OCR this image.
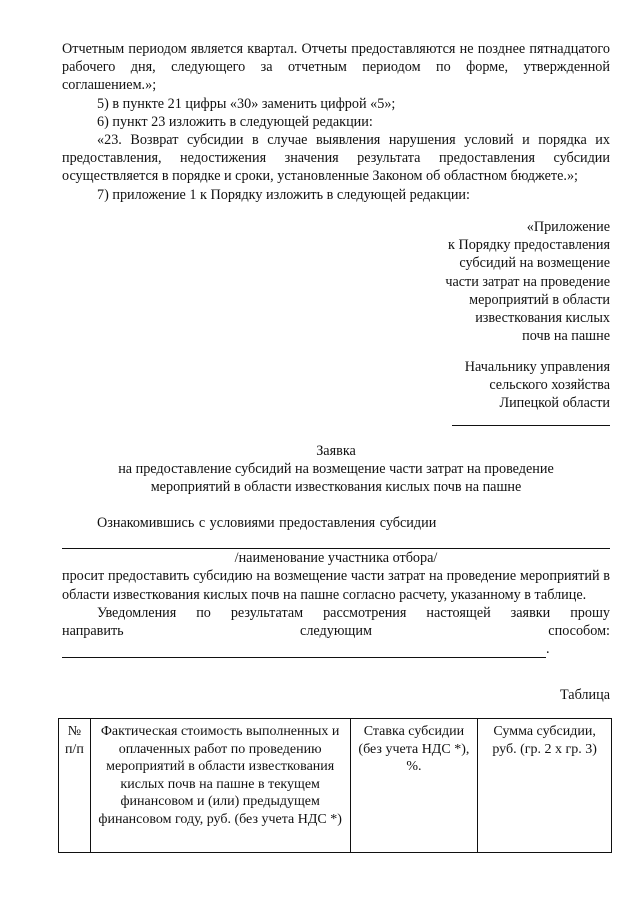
Отчетным периодом является квартал. Отчеты предоставляются не позднее пятнадцатого рабочего дня, следующего за отчетным периодом по форме, утвержденной соглашением.»;

5) в пункте 21 цифры «30» заменить цифрой «5»;

6) пункт 23 изложить в следующей редакции:

«23. Возврат субсидии в случае выявления нарушения условий и порядка их предоставления, недостижения значения результата предоставления субсидии осуществляется в порядке и сроки, установленные Законом об областном бюджете.»;

7) приложение 1 к Порядку изложить в следующей редакции:

«Приложение
к Порядку предоставления
субсидий на возмещение
части затрат на проведение
мероприятий в области
известкования кислых
почв на пашне
Начальнику управления
сельского хозяйства
Липецкой области
Заявка
на предоставление субсидий на возмещение части затрат на проведение
мероприятий в области известкования кислых почв на пашне

Ознакомившись с условиями предоставления субсидии

/наименование участника отбора/

просит предоставить субсидию на возмещение части затрат на проведение мероприятий в области известкования кислых почв на пашне согласно расчету, указанному в таблице.

Уведомления по результатам рассмотрения настоящей заявки прошу

направить следующим способом:

.
Таблица
№ п/п	Фактическая стоимость выполненных и оплаченных работ по проведению мероприятий в области известкования кислых почв на пашне в текущем финансовом и (или) предыдущем финансовом году, руб. (без учета НДС *)	Ставка субсидии (без учета НДС *), %.	Сумма субсидии, руб. (гр. 2 х гр. 3)
